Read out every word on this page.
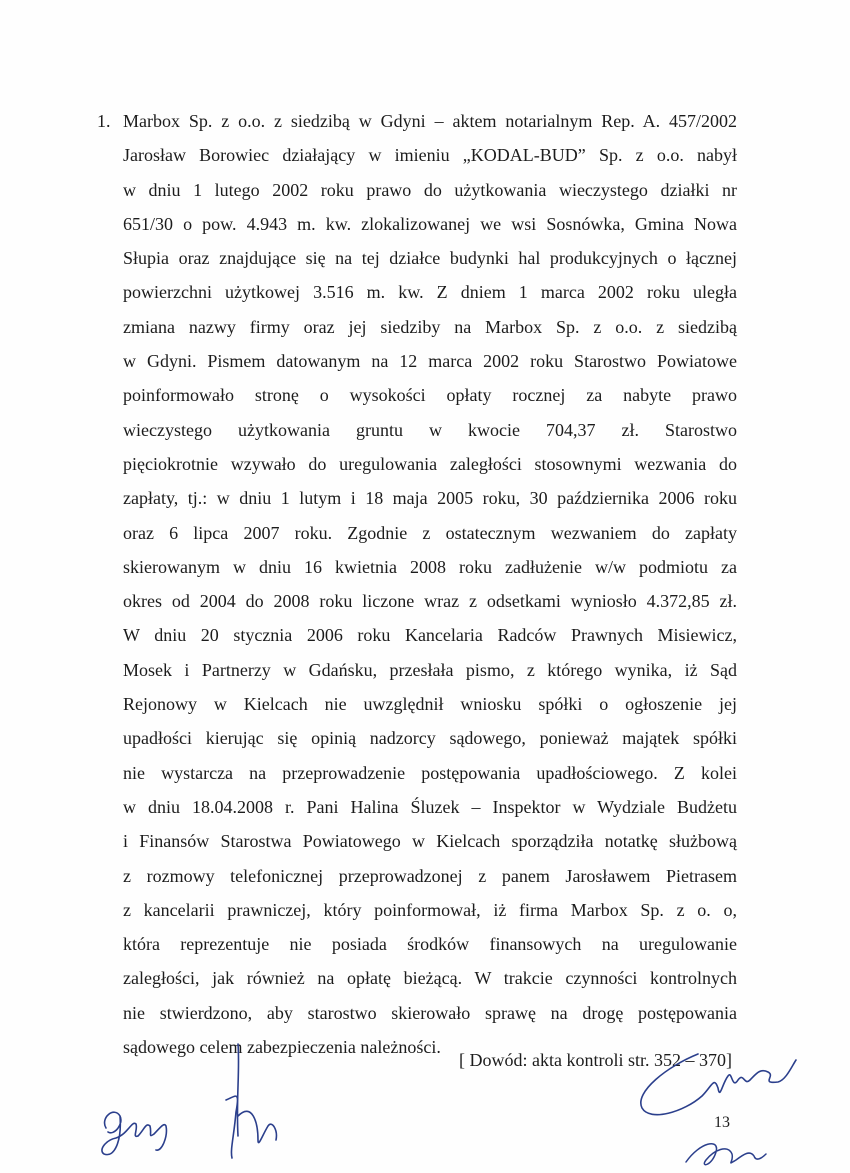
1. Marbox Sp. z o.o. z siedzibą w Gdyni – aktem notarialnym Rep. A. 457/2002
Jarosław Borowiec działający w imieniu „KODAL-BUD” Sp. z o.o. nabył
w dniu 1 lutego 2002 roku prawo do użytkowania wieczystego działki nr
651/30 o pow. 4.943 m. kw. zlokalizowanej we wsi Sosnówka, Gmina Nowa
Słupia oraz znajdujące się na tej działce budynki hal produkcyjnych o łącznej
powierzchni użytkowej 3.516 m. kw. Z dniem 1 marca 2002 roku uległa
zmiana nazwy firmy oraz jej siedziby na Marbox Sp. z o.o. z siedzibą
w Gdyni. Pismem datowanym na 12 marca 2002 roku Starostwo Powiatowe
poinformowało stronę o wysokości opłaty rocznej za nabyte prawo
wieczystego użytkowania gruntu w kwocie 704,37 zł. Starostwo
pięciokrotnie wzywało do uregulowania zaległości stosownymi wezwania do
zapłaty, tj.: w dniu 1 lutym i 18 maja 2005 roku, 30 października 2006 roku
oraz 6 lipca 2007 roku. Zgodnie z ostatecznym wezwaniem do zapłaty
skierowanym w dniu 16 kwietnia 2008 roku zadłużenie w/w podmiotu za
okres od 2004 do 2008 roku liczone wraz z odsetkami wyniosło 4.372,85 zł.
W dniu 20 stycznia 2006 roku Kancelaria Radców Prawnych Misiewicz,
Mosek i Partnerzy w Gdańsku, przesłała pismo, z którego wynika, iż Sąd
Rejonowy w Kielcach nie uwzględnił wniosku spółki o ogłoszenie jej
upadłości kierując się opinią nadzorcy sądowego, ponieważ majątek spółki
nie wystarcza na przeprowadzenie postępowania upadłościowego. Z kolei
w dniu 18.04.2008 r. Pani Halina Śluzek – Inspektor w Wydziale Budżetu
i Finansów Starostwa Powiatowego w Kielcach sporządziła notatkę służbową
z rozmowy telefonicznej przeprowadzonej z panem Jarosławem Pietrasem
z kancelarii prawniczej, który poinformował, iż firma Marbox Sp. z o. o,
która reprezentuje nie posiada środków finansowych na uregulowanie
zaległości, jak również na opłatę bieżącą. W trakcie czynności kontrolnych
nie stwierdzono, aby starostwo skierowało sprawę na drogę postępowania
sądowego celem zabezpieczenia należności.
[ Dowód: akta kontroli str. 352 – 370]
13
